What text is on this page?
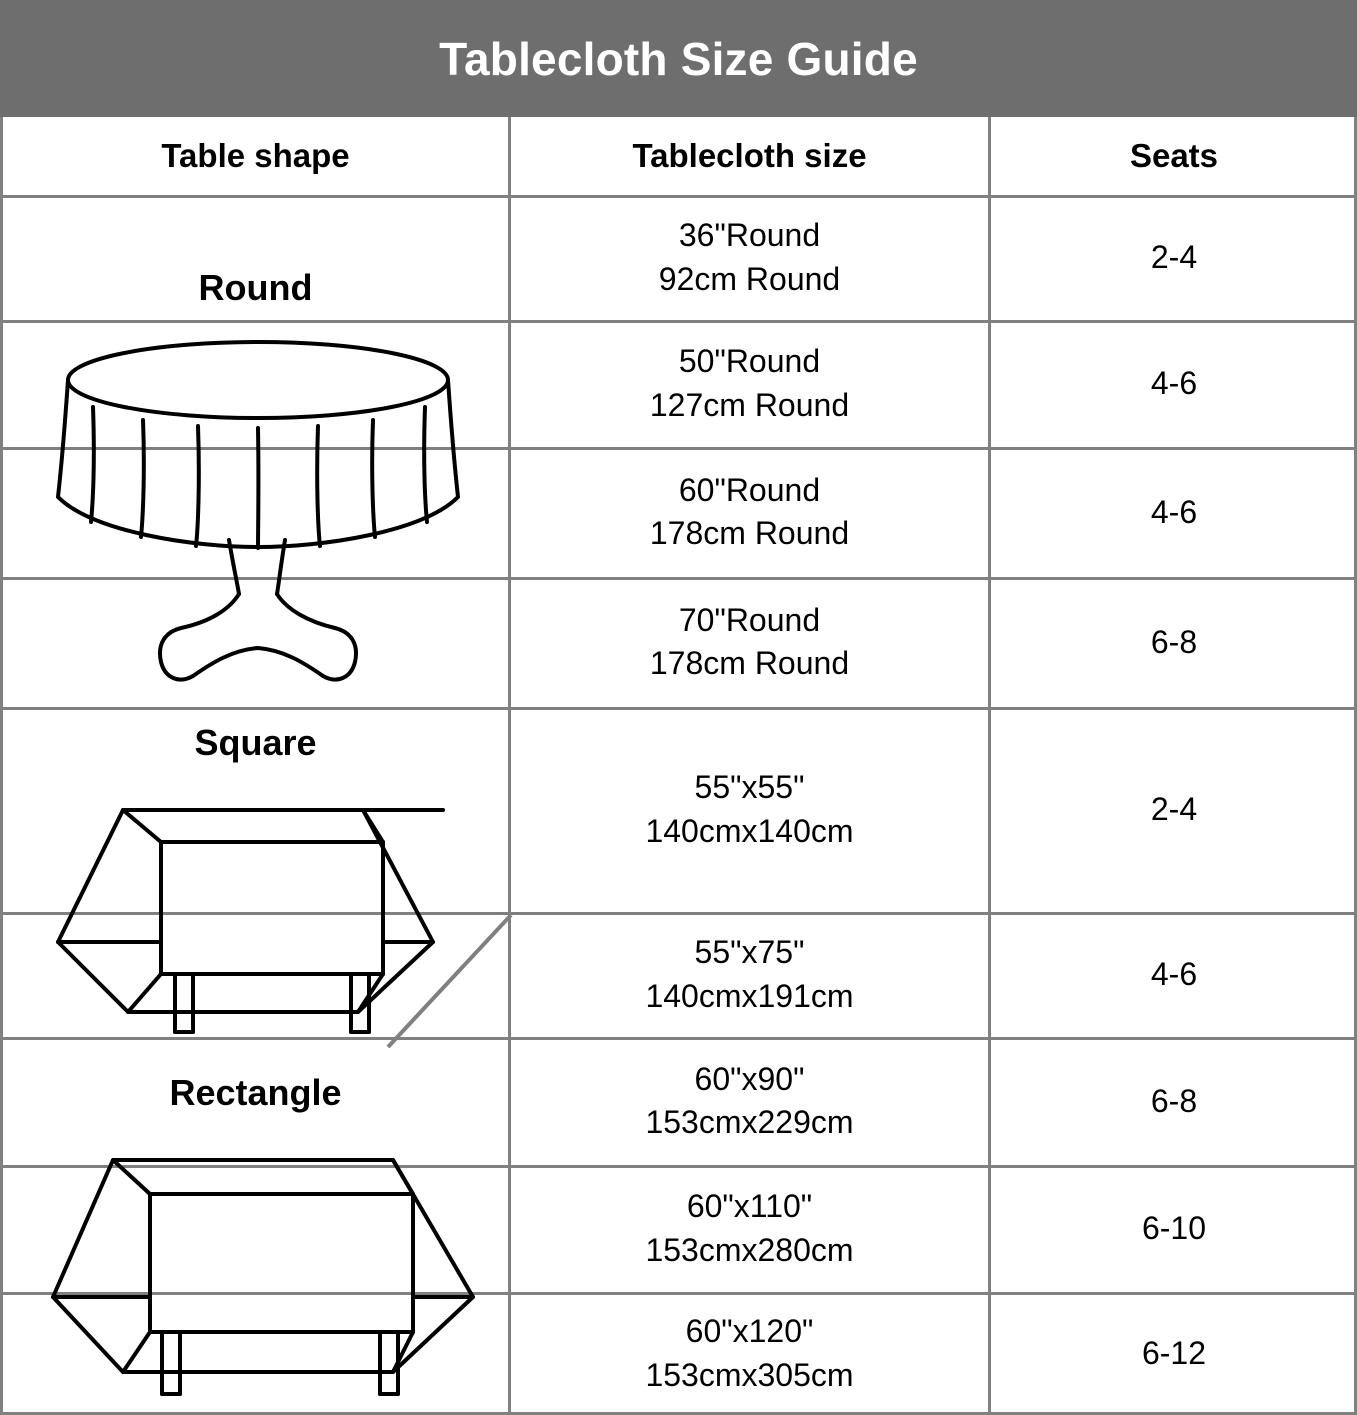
Tablecloth Size Guide
Table shape	Tablecloth size	Seats
Round
Square
Rectangle
36"Round
92cm Round
2-4
50"Round
127cm Round
4-6
60"Round
178cm Round
4-6
70"Round
178cm Round
6-8
55"x55"
140cmx140cm
2-4
55"x75"
140cmx191cm
4-6
60"x90"
153cmx229cm
6-8
60"x110"
153cmx280cm
6-10
60"x120"
153cmx305cm
6-12
